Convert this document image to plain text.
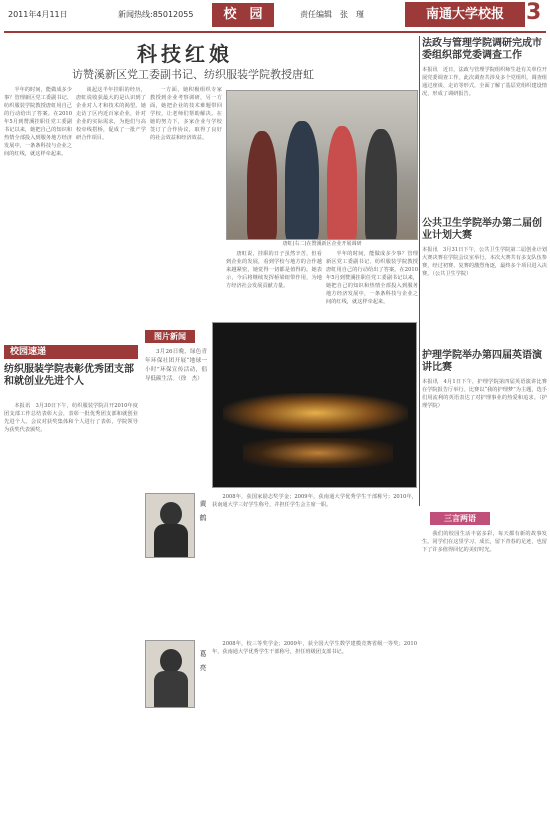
2011年4月11日	新闻热线:85012055	校　园	责任编辑　张　瑾	南通大学校报	3
科技红娘
访赞溪新区党工委副书记、纺织服装学院教授唐虹

半年的时间，能做成多少事？管理新区党工委副书记、纺织服装学院教授唐虹用自己的行动给出了答案。在2010年5月到赞溪挂职任党工委副书记以来，她把自己的知识和热情全部投入到服务地方经济发展中，一条条科技与企业之间的红线，就这样牵起来。

谈起这半年挂职的经历，唐虹说收获最大的是认识到了企业对人才和技术的渴望。她走访了区内近百家企业，针对企业的实际需求，为他们与高校牵线搭桥，促成了一批产学研合作项目。

一方面，她积极组织专家教授到企业考察调研，另一方面，她把企业的技术难题带回学校，让老师们帮助解决。在她的努力下，多家企业与学校签订了合作协议，取得了良好的社会效益和经济效益。

唐虹说，挂职的日子虽然辛苦，但看到企业的发展，看到学校与地方的合作越来越紧密，她觉得一切都是值得的。她表示，今后将继续发挥桥梁纽带作用，为地方经济社会发展贡献力量。

半年的时间，能做成多少事？管理新区党工委副书记、纺织服装学院教授唐虹用自己的行动给出了答案。在2010年5月到赞溪挂职任党工委副书记以来，她把自己的知识和热情全部投入到服务地方经济发展中，一条条科技与企业之间的红线，就这样牵起来。

唐虹(右二)在赞溪新区企业开展调研
法政与管理学院调研完成市委组织部党委调查工作
本报讯　近日，法政与管理学院组织师生赴有关单位开展党委调查工作。此次调查共涉及多个党组织，调查组通过座谈、走访等形式，全面了解了基层党组织建设情况，形成了调研报告。
公共卫生学院举办第二届创业计划大赛
本报讯　3月31日下午，公共卫生学院第二届创业计划大赛决赛在学院会议室举行。本次大赛共有多支队伍参赛，经过初赛、复赛的激烈角逐，最终多个项目进入决赛。（公共卫生学院）
护理学院举办第四届英语演讲比赛
本报讯　4月1日下午，护理学院第四届英语演讲比赛在学院报告厅举行。比赛以“我的护理梦”为主题，选手们用流利的英语表达了对护理事业的热爱和追求。（护理学院）
校园速递
纺织服装学院表彰优秀团支部和就创业先进个人

本报讯　3月30日下午，纺织服装学院召开2010年度团支部工作总结表彰大会，表彰一批优秀团支部和就创业先进个人。会议对获奖集体和个人进行了表彰，学院领导为获奖代表颁奖。

图片新闻

3月26日晚，绿色青年环保社团开展“地球一小时”环保宣传活动，倡导低碳生活。（徐　杰）

黄　鹤
葛　亮

2008年，获国家励志奖学金；2009年，获南通大学优秀学生干部称号；2010年，获南通大学三好学生称号，并担任学生会主席一职。

2008年，校三等奖学金；2009年，获全国大学生数学建模竞赛省级一等奖；2010年，获南通大学优秀学生干部称号，担任班级团支部书记。

三言两语

我们的校园生活丰富多彩，每天都有新的故事发生。同学们在这里学习、成长，留下青春的足迹，也留下了许多值得回忆的美好时光。
